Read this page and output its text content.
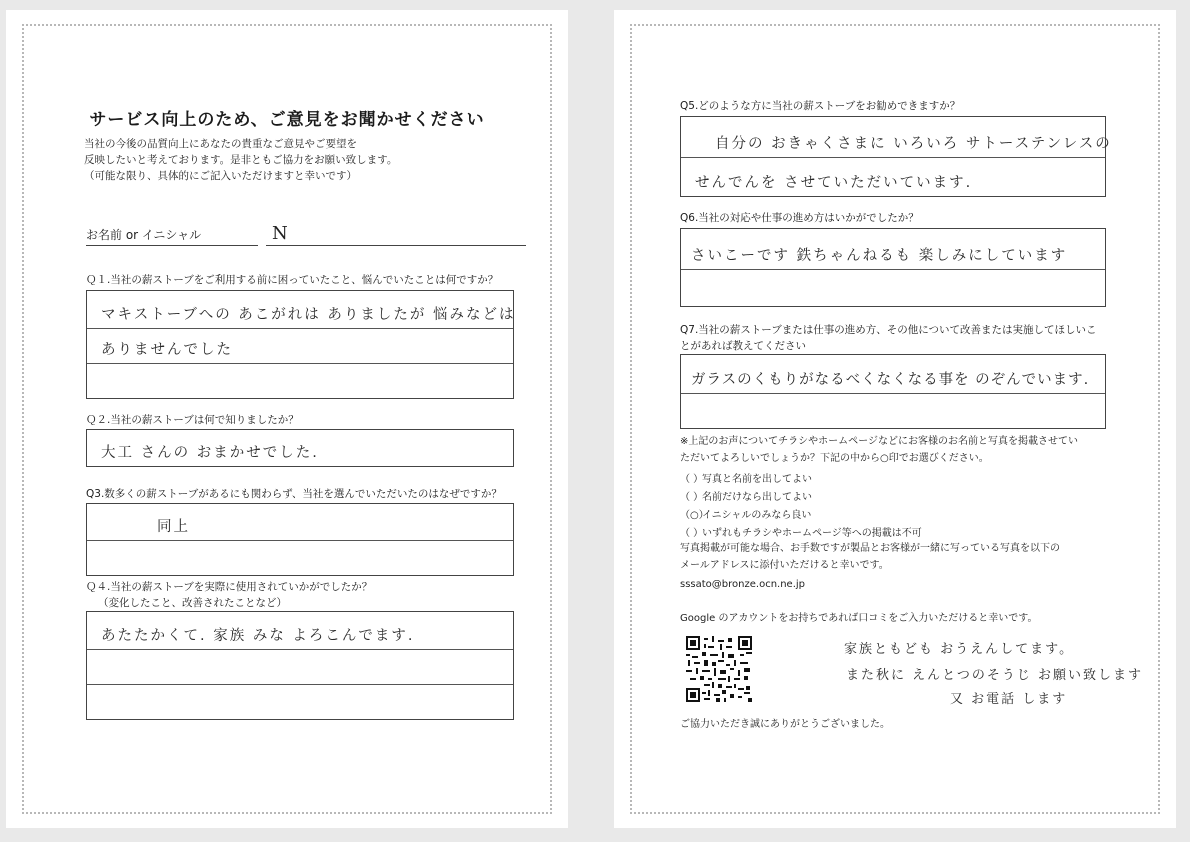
サービス向上のため、ご意見をお聞かせください
当社の今後の品質向上にあなたの貴重なご意見やご要望を
反映したいと考えております。是非ともご協力をお願い致します。
（可能な限り、具体的にご記入いただけますと幸いです）
お名前 or イニシャル	N
Ｑ１.当社の薪ストーブをご利用する前に困っていたこと、悩んでいたことは何ですか？
マキストーブへの あこがれは ありましたが 悩みなどは
ありませんでした
Ｑ２.当社の薪ストーブは何で知りましたか？
大工 さんの おまかせでした.
Q3.数多くの薪ストーブがあるにも関わらず、当社を選んでいただいたのはなぜですか？
同上
Ｑ４.当社の薪ストーブを実際に使用されていかがでしたか？
（変化したこと、改善されたことなど）
あたたかくて. 家族 みな よろこんでます.
Q5.どのような方に当社の薪ストーブをお勧めできますか？
自分の おきゃくさまに いろいろ サトーステンレスの
せんでんを させていただいています.
Q6.当社の対応や仕事の進め方はいかがでしたか？
さいこーです 鉄ちゃんねるも 楽しみにしています
Q7.当社の薪ストーブまたは仕事の進め方、その他について改善または実施してほしいこ
とがあれば教えてください
ガラスのくもりがなるべくなくなる事を のぞんでいます.
※上記のお声についてチラシやホームページなどにお客様のお名前と写真を掲載させてい
ただいてよろしいでしょうか？下記の中から○印でお選びください。
（ ）写真と名前を出してよい
（ ）名前だけなら出してよい
（○）イニシャルのみなら良い
（ ）いずれもチラシやホームページ等への掲載は不可
写真掲載が可能な場合、お手数ですが製品とお客様が一緒に写っている写真を以下の
メールアドレスに添付いただけると幸いです。
sssato@bronze.ocn.ne.jp
Google のアカウントをお持ちであれば口コミをご入力いただけると幸いです。
家族ともども おうえんしてます。
また秋に えんとつのそうじ お願い致します
又 お電話 します
ご協力いただき誠にありがとうございました。
